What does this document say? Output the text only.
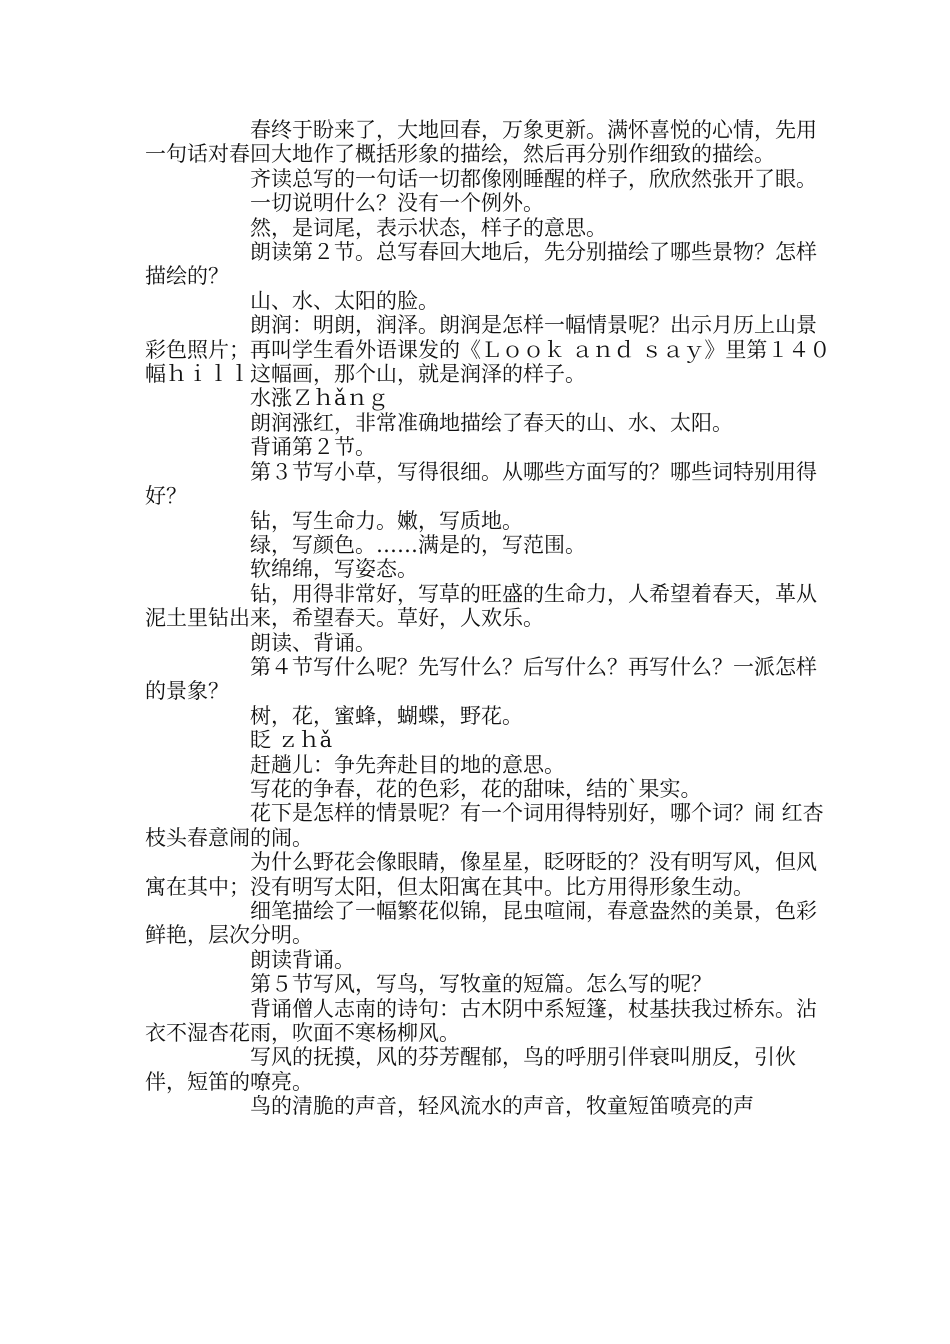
春终于盼来了，大地回春，万象更新。满怀喜悦的心情，先用一句话对春回大地作了概括形象的描绘，然后再分别作细致的描绘。

齐读总写的一句话一切都像刚睡醒的样子，欣欣然张开了眼。

一切说明什么？没有一个例外。

然，是词尾，表示状态，样子的意思。

朗读第２节。总写春回大地后，先分别描绘了哪些景物？怎样描绘的？

山、水、太阳的脸。

朗润：明朗，润泽。朗润是怎样一幅情景呢？出示月历上山景彩色照片；再叫学生看外语课发的《Ｌｏｏｋ ａｎｄ ｓａｙ》里第１４０幅ｈｉｌｌ这幅画，那个山，就是润泽的样子。

水涨Ｚｈǎｎｇ

朗润涨红，非常准确地描绘了春天的山、水、太阳。

背诵第２节。

第３节写小草，写得很细。从哪些方面写的？哪些词特别用得好？

钻，写生命力。嫩，写质地。

绿，写颜色。……满是的，写范围。

软绵绵，写姿态。

钻，用得非常好，写草的旺盛的生命力，人希望着春天，革从泥土里钻出来，希望春天。草好，人欢乐。

朗读、背诵。

第４节写什么呢？先写什么？后写什么？再写什么？一派怎样的景象？

树，花，蜜蜂，蝴蝶，野花。

眨 ｚｈǎ

赶趟儿：争先奔赴目的地的意思。

写花的争春，花的色彩，花的甜味，结的`果实。

花下是怎样的情景呢？有一个词用得特别好，哪个词？闹 红杏枝头春意闹的闹。

为什么野花会像眼睛，像星星，眨呀眨的？没有明写风，但风寓在其中；没有明写太阳，但太阳寓在其中。比方用得形象生动。

细笔描绘了一幅繁花似锦，昆虫喧闹，春意盎然的美景，色彩鲜艳，层次分明。

朗读背诵。

第５节写风，写鸟，写牧童的短篇。怎么写的呢？

背诵僧人志南的诗句：古木阴中系短篷，杖基扶我过桥东。沾衣不湿杏花雨，吹面不寒杨柳风。

写风的抚摸，风的芬芳醒郁，鸟的呼朋引伴衰叫朋反，引伙伴，短笛的嘹亮。

鸟的清脆的声音，轻风流水的声音，牧童短笛喷亮的声
